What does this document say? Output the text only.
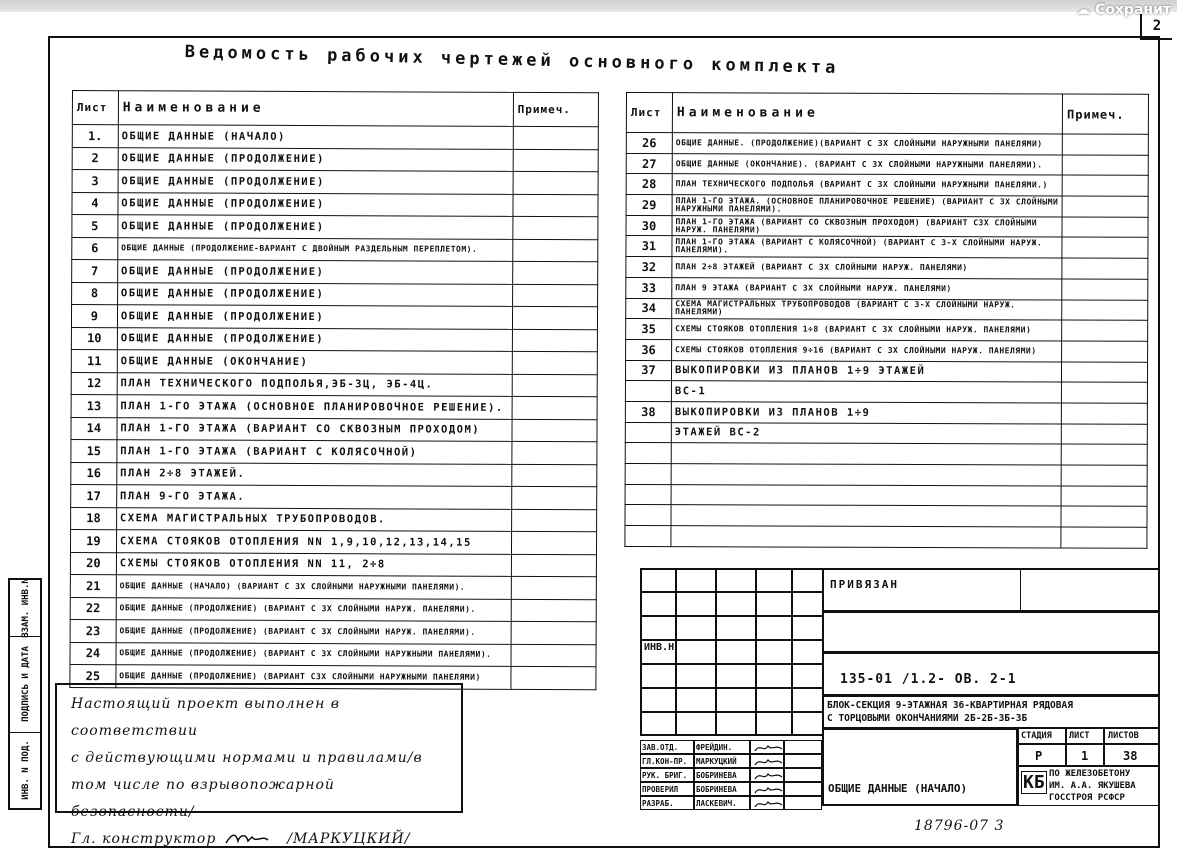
☁ Сохранит
2
Ведомость рабочих чертежей основного комплекта
Лист	Наименование	Примеч.
1.	ОБЩИЕ ДАННЫЕ (НАЧАЛО)	
2	ОБЩИЕ ДАННЫЕ (ПРОДОЛЖЕНИЕ)	
3	ОБЩИЕ ДАННЫЕ (ПРОДОЛЖЕНИЕ)	
4	ОБЩИЕ ДАННЫЕ (ПРОДОЛЖЕНИЕ)	
5	ОБЩИЕ ДАННЫЕ (ПРОДОЛЖЕНИЕ)	
6	ОБЩИЕ ДАННЫЕ (ПРОДОЛЖЕНИЕ-ВАРИАНТ С ДВОЙНЫМ РАЗДЕЛЬНЫМ ПЕРЕПЛЕТОМ).	
7	ОБЩИЕ ДАННЫЕ (ПРОДОЛЖЕНИЕ)	
8	ОБЩИЕ ДАННЫЕ (ПРОДОЛЖЕНИЕ)	
9	ОБЩИЕ ДАННЫЕ (ПРОДОЛЖЕНИЕ)	
10	ОБЩИЕ ДАННЫЕ (ПРОДОЛЖЕНИЕ)	
11	ОБЩИЕ ДАННЫЕ (ОКОНЧАНИЕ)	
12	ПЛАН ТЕХНИЧЕСКОГО ПОДПОЛЬЯ,ЭБ-3Ц, ЭБ-4Ц.	
13	ПЛАН 1-ГО ЭТАЖА (ОСНОВНОЕ ПЛАНИРОВОЧНОЕ РЕШЕНИЕ).	
14	ПЛАН 1-ГО ЭТАЖА (ВАРИАНТ СО СКВОЗНЫМ ПРОХОДОМ)	
15	ПЛАН 1-ГО ЭТАЖА (ВАРИАНТ С КОЛЯСОЧНОЙ)	
16	ПЛАН 2÷8 ЭТАЖЕЙ.	
17	ПЛАН 9-ГО ЭТАЖА.	
18	СХЕМА МАГИСТРАЛЬНЫХ ТРУБОПРОВОДОВ.	
19	СХЕМА СТОЯКОВ ОТОПЛЕНИЯ NN 1,9,10,12,13,14,15	
20	СХЕМЫ СТОЯКОВ ОТОПЛЕНИЯ NN 11, 2÷8	
21	ОБЩИЕ ДАННЫЕ (НАЧАЛО) (ВАРИАНТ С 3Х СЛОЙНЫМИ НАРУЖНЫМИ ПАНЕЛЯМИ).	
22	ОБЩИЕ ДАННЫЕ (ПРОДОЛЖЕНИЕ) (ВАРИАНТ С 3Х СЛОЙНЫМИ НАРУЖ. ПАНЕЛЯМИ).	
23	ОБЩИЕ ДАННЫЕ (ПРОДОЛЖЕНИЕ) (ВАРИАНТ С 3Х СЛОЙНЫМИ НАРУЖ. ПАНЕЛЯМИ).	
24	ОБЩИЕ ДАННЫЕ (ПРОДОЛЖЕНИЕ) (ВАРИАНТ С 3Х СЛОЙНЫМИ НАРУЖНЫМИ ПАНЕЛЯМИ).	
25	ОБЩИЕ ДАННЫЕ (ПРОДОЛЖЕНИЕ) (ВАРИАНТ С3Х СЛОЙНЫМИ НАРУЖНЫМИ ПАНЕЛЯМИ)	
Лист	Наименование	Примеч.
26	ОБЩИЕ ДАННЫЕ. (ПРОДОЛЖЕНИЕ)(ВАРИАНТ С 3Х СЛОЙНЫМИ НАРУЖНЫМИ ПАНЕЛЯМИ)	
27	ОБЩИЕ ДАННЫЕ (ОКОНЧАНИЕ). (ВАРИАНТ С 3Х СЛОЙНЫМИ НАРУЖНЫМИ ПАНЕЛЯМИ).	
28	ПЛАН ТЕХНИЧЕСКОГО ПОДПОЛЬЯ (ВАРИАНТ С 3Х СЛОЙНЫМИ НАРУЖНЫМИ ПАНЕЛЯМИ.)	
29	ПЛАН 1-ГО ЭТАЖА. (ОСНОВНОЕ ПЛАНИРОВОЧНОЕ РЕШЕНИЕ) (ВАРИАНТ С 3Х СЛОЙНЫМИ НАРУЖНЫМИ ПАНЕЛЯМИ).	
30	ПЛАН 1-ГО ЭТАЖА (ВАРИАНТ СО СКВОЗНЫМ ПРОХОДОМ) (ВАРИАНТ С3Х СЛОЙНЫМИ НАРУЖ. ПАНЕЛЯМИ)	
31	ПЛАН 1-ГО ЭТАЖА (ВАРИАНТ С КОЛЯСОЧНОЙ) (ВАРИАНТ С 3-Х СЛОЙНЫМИ НАРУЖ. ПАНЕЛЯМИ).	
32	ПЛАН 2÷8 ЭТАЖЕЙ (ВАРИАНТ С 3Х СЛОЙНЫМИ НАРУЖ. ПАНЕЛЯМИ)	
33	ПЛАН 9 ЭТАЖА (ВАРИАНТ С 3Х СЛОЙНЫМИ НАРУЖ. ПАНЕЛЯМИ)	
34	СХЕМА МАГИСТРАЛЬНЫХ ТРУБОПРОВОДОВ (ВАРИАНТ С 3-Х СЛОЙНЫМИ НАРУЖ. ПАНЕЛЯМИ)	
35	СХЕМЫ СТОЯКОВ ОТОПЛЕНИЯ 1÷8 (ВАРИАНТ С 3Х СЛОЙНЫМИ НАРУЖ. ПАНЕЛЯМИ)	
36	СХЕМЫ СТОЯКОВ ОТОПЛЕНИЯ 9÷16 (ВАРИАНТ С 3Х СЛОЙНЫМИ НАРУЖ. ПАНЕЛЯМИ)	
37	ВЫКОПИРОВКИ ИЗ ПЛАНОВ 1÷9 ЭТАЖЕЙ	
	ВС-1	
38	ВЫКОПИРОВКИ ИЗ ПЛАНОВ 1÷9	
	ЭТАЖЕЙ ВС-2	

Настоящий проект выполнен в соответствии
с действующими нормами и правилами/в
том числе по взрывопожарной безопасности/
Гл. конструктор	/МАРКУЦКИЙ/
ВЗАМ. ИНВ.N
ПОДПИСЬ И ДАТА
ИНВ. N ПОД.
ИНВ.Н
ПРИВЯЗАН
135-01 /1.2- ОВ. 2-1
БЛОК-СЕКЦИЯ 9-ЭТАЖНАЯ 36-КВАРТИРНАЯ РЯДОВАЯ
С ТОРЦОВЫМИ ОКОНЧАНИЯМИ 2Б-2Б-3Б-3Б
ОБЩИЕ ДАННЫЕ (НАЧАЛО)
СТАДИЯ ЛИСТ ЛИСТОВ
Р	1	38
КБ ПО ЖЕЛЕЗОБЕТОНУ
ИМ. А.А. ЯКУШЕВА
ГОССТРОЯ РСФСР
ЗАВ.ОТД.	ФРЕЙДИН.
ГЛ.КОН-ПР.	МАРКУЦКИЙ
РУК. БРИГ.	БОБРИНЕВА
ПРОВЕРИЛ	БОБРИНЕВА
РАЗРАБ.	ЛАСКЕВИЧ.
18796-07 3
